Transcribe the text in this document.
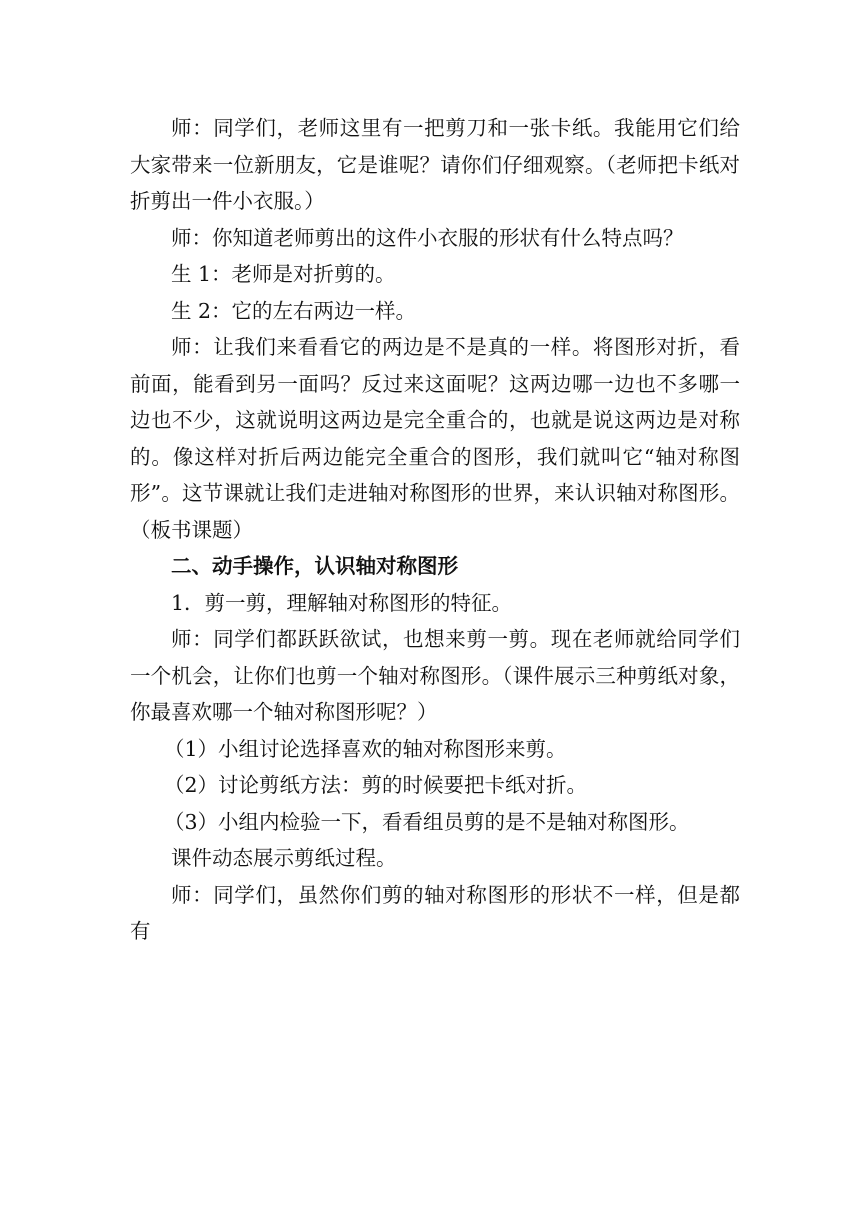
师：同学们，老师这里有一把剪刀和一张卡纸。我能用它们给大家带来一位新朋友，它是谁呢？请你们仔细观察。（老师把卡纸对折剪出一件小衣服。）

师：你知道老师剪出的这件小衣服的形状有什么特点吗？

生 1：老师是对折剪的。

生 2：它的左右两边一样。

师：让我们来看看它的两边是不是真的一样。将图形对折，看前面，能看到另一面吗？反过来这面呢？这两边哪一边也不多哪一边也不少，这就说明这两边是完全重合的，也就是说这两边是对称的。像这样对折后两边能完全重合的图形，我们就叫它“轴对称图形”。这节课就让我们走进轴对称图形的世界，来认识轴对称图形。（板书课题）

二、动手操作，认识轴对称图形

1．剪一剪，理解轴对称图形的特征。

师：同学们都跃跃欲试，也想来剪一剪。现在老师就给同学们一个机会，让你们也剪一个轴对称图形。（课件展示三种剪纸对象，你最喜欢哪一个轴对称图形呢？）

（1）小组讨论选择喜欢的轴对称图形来剪。

（2）讨论剪纸方法：剪的时候要把卡纸对折。

（3）小组内检验一下，看看组员剪的是不是轴对称图形。

课件动态展示剪纸过程。

师：同学们，虽然你们剪的轴对称图形的形状不一样，但是都有
